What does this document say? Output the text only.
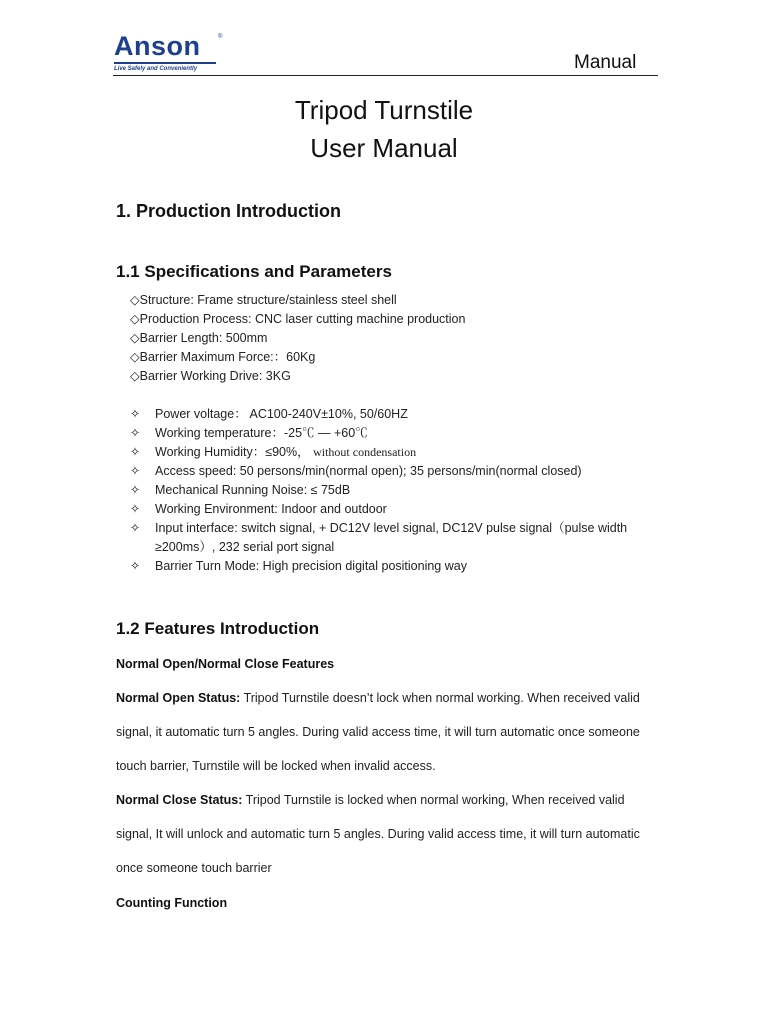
Anson	®
Live Safely and Conveniently	Manual
Tripod Turnstile
User Manual
1. Production Introduction
1.1 Specifications and Parameters
◇Structure: Frame structure/stainless steel shell
◇Production Process: CNC laser cutting machine production
◇Barrier Length: 500mm
◇Barrier Maximum Force:：60Kg
◇Barrier Working Drive: 3KG
✧ Power voltage： AC100-240V±10%, 50/60HZ
✧ Working temperature：-25℃ — +60℃
✧ Working Humidity：≤90%， without condensation
✧ Access speed: 50 persons/min(normal open); 35 persons/min(normal closed)
✧ Mechanical Running Noise: ≤ 75dB
✧ Working Environment: Indoor and outdoor
✧ Input interface: switch signal, + DC12V level signal, DC12V pulse signal（pulse width ≥200ms）, 232 serial port signal
✧ Barrier Turn Mode: High precision digital positioning way
1.2 Features Introduction
Normal Open/Normal Close Features

Normal Open Status: Tripod Turnstile doesn’t lock when normal working. When received valid signal, it automatic turn 5 angles. During valid access time, it will turn automatic once someone touch barrier, Turnstile will be locked when invalid access.

Normal Close Status: Tripod Turnstile is locked when normal working, When received valid signal, It will unlock and automatic turn 5 angles. During valid access time, it will turn automatic once someone touch barrier

Counting Function
